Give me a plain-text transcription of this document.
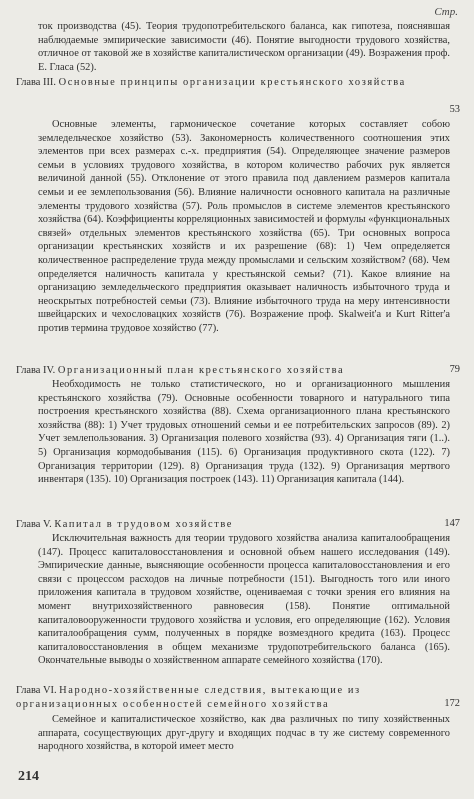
Стр.
ток производства (45). Теория трудопотребительского баланса, как гипотеза, пояснявшая наблюдаемые эмпирические зависимости (46). Понятие выгодности трудового хозяйства, отличное от таковой же в хозяйстве капиталистическом организации (49). Возражения проф. Е. Гласа (52).
Глава III. Основные принципы организации крестьянского хозяйства
53
Основные элементы, гармоническое сочетание которых составляет собою земледельческое хозяйство (53). Закономерность количественного соотношения этих элементов при всех размерах с.-х. предприятия (54). Определяющее значение размеров семьи в условиях трудового хозяйства, в котором количество рабочих рук является величиной данной (55). Отклонение от этого правила под давлением размеров капитала семьи и ее землепользования (56). Влияние наличности основного капитала на различные элементы трудового хозяйства (57). Роль промыслов в системе элементов крестьянского хозяйства (64). Коэффициенты корреляционных зависимостей и формулы «функциональных связей» отдельных элементов крестьянского хозяйства (65). Три основных вопроса организации крестьянских хозяйств и их разрешение (68): 1) Чем определяется количественное распределение труда между промыслами и сельским хозяйством? (68). Чем определяется наличность капитала у крестьянской семьи? (71). Какое влияние на организацию земледельческого предприятия оказывает наличность избыточного труда и неоскрытых потребностей семьи (73). Влияние избыточного труда на меру интенсивности швейцарских и чехословацких хозяйств (76). Возражение проф. Skalweit'а и Kurt Ritter'а против термина трудовое хозяйство (77).
Глава IV. Организационный план крестьянского хозяйства	79
Необходимость не только статистического, но и организационного мышления крестьянского хозяйства (79). Основные особенности товарного и натурального типа построения крестьянского хозяйства (88). Схема организационного плана крестьянского хозяйства (88): 1) Учет трудовых отношений семьи и ее потребительских запросов (89). 2) Учет землепользования. 3) Организация полевого хозяйства (93). 4) Организация тяги (1..). 5) Организация кормодобывания (115). 6) Организация продуктивного скота (122). 7) Организация территории (129). 8) Организация труда (132). 9) Организация мертвого инвентаря (135). 10) Организация построек (143). 11) Организация капитала (144).
Глава V. Капитал в трудовом хозяйстве	147
Исключительная важность для теории трудового хозяйства анализа капиталообращения (147). Процесс капиталовосстановления и основной объем нашего исследования (149). Эмпирические данные, выясняющие особенности процесса капиталовосстановления и его связи с процессом расходов на личные потребности (151). Выгодность того или иного приложения капитала в трудовом хозяйстве, оцениваемая с точки зрения его влияния на момент внутрихозяйственного равновесия (158). Понятие оптимальной капиталовооруженности трудового хозяйства и условия, его определяющие (162). Условия капиталообращения сумм, полученных в порядке возмездного кредита (163). Процесс капиталовосстановления в общем механизме трудопотребительского баланса (165). Окончательные выводы о хозяйственном аппарате семейного хозяйства (170).
Глава VI. Народно-хозяйственные следствия, вытекающие из организационных особенностей семейного хозяйства	172
Семейное и капиталистическое хозяйство, как два различных по типу хозяйственных аппарата, сосуществующих друг-другу и входящих подчас в ту же систему современного народного хозяйства, в которой имеет место
214
